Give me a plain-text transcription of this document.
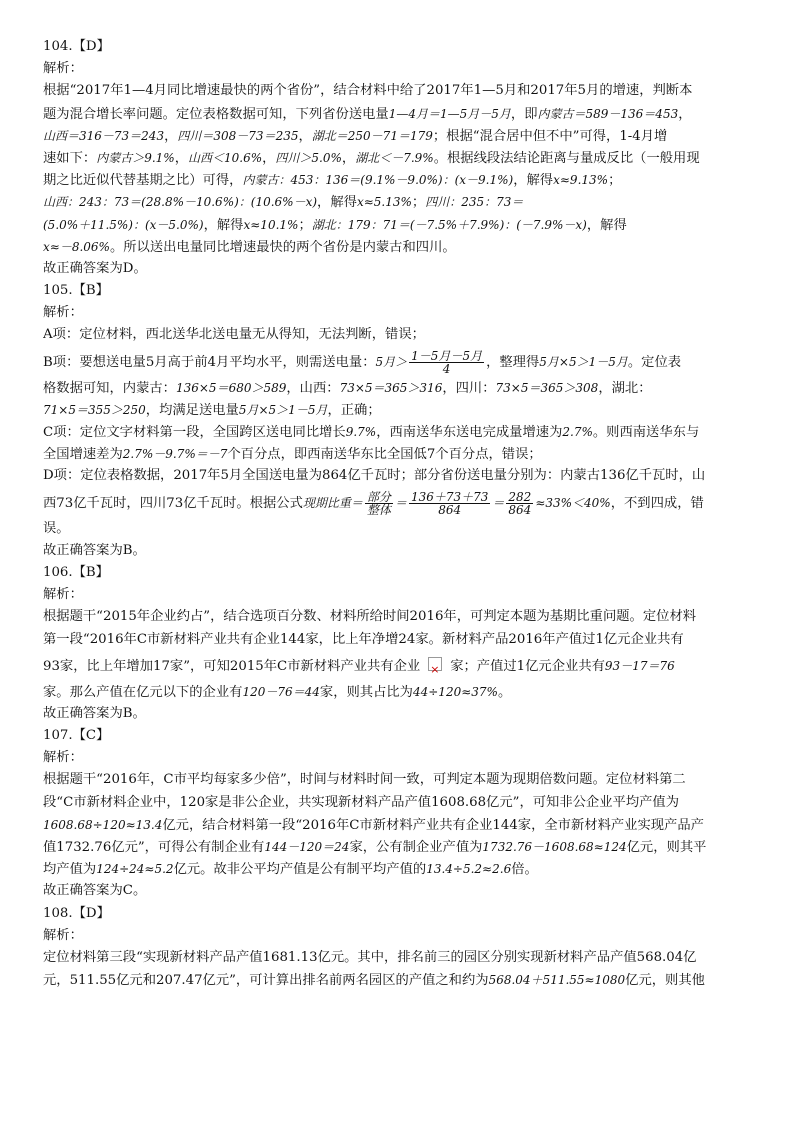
104.【D】
解析：
根据“2017年1—4月同比增速最快的两个省份”，结合材料中给了2017年1—5月和2017年5月的增速，判断本
题为混合增长率问题。定位表格数据可知，下列省份送电量1—4月＝1—5月－5月，即内蒙古＝589－136＝453，
山西＝316－73＝243，四川＝308－73＝235，湖北＝250－71＝179；根据“混合居中但不中”可得，1-4月增
速如下：内蒙古＞9.1%，山西＜10.6%，四川＞5.0%，湖北＜－7.9%。根据线段法结论距离与量成反比（一般用现
期之比近似代替基期之比）可得，内蒙古：453：136＝(9.1%－9.0%)：(x－9.1%)，解得x≈9.13%；
山西：243：73＝(28.8%－10.6%)：(10.6%－x)，解得x≈5.13%；四川：235：73＝
(5.0%＋11.5%)：(x－5.0%)，解得x≈10.1%；湖北：179：71＝(－7.5%＋7.9%)：(－7.9%－x)，解得
x≈－8.06%。所以送出电量同比增速最快的两个省份是内蒙古和四川。
故正确答案为D。
105.【B】
解析：
A项：定位材料，西北送华北送电量无从得知，无法判断，错误；
B项：要想送电量5月高于前4月平均水平，则需送电量：5月＞ $\frac{\text{1－5月－5月}}{4}$ ，整理得5月×5＞1－5月。定位表
格数据可知，内蒙古：136×5＝680＞589，山西：73×5＝365＞316，四川：73×5＝365＞308，湖北：
71×5＝355＞250，均满足送电量5月×5＞1－5月，正确；
C项：定位文字材料第一段，全国跨区送电同比增长9.7%，西南送华东送电完成量增速为2.7%。则西南送华东与
全国增速差为2.7%－9.7%＝－7个百分点，即西南送华东比全国低7个百分点，错误；
D项：定位表格数据，2017年5月全国送电量为864亿千瓦时；部分省份送电量分别为：内蒙古136亿千瓦时，山
西73亿千瓦时，四川73亿千瓦时。根据公式现期比重＝ $\frac{\text{部分}}{\text{整体}} = \frac{136+73+73}{864} = \frac{282}{864} \approx 33\%<40\%$，不到四成，错
误。
故正确答案为B。
106.【B】
解析：
根据题干“2015年企业约占”，结合选项百分数、材料所给时间2016年，可判定本题为基期比重问题。定位材料
第一段“2016年C市新材料产业共有企业144家，比上年净增24家。新材料产品2016年产值过1亿元企业共有
93家，比上年增加17家”，可知2015年C市新材料产业共有企业× 家；产值过1亿元企业共有93－17＝76
家。那么产值在亿元以下的企业有120－76＝44家，则其占比为44÷120≈37%。
故正确答案为B。
107.【C】
解析：
根据题干“2016年，C市平均每家多少倍”，时间与材料时间一致，可判定本题为现期倍数问题。定位材料第二
段“C市新材料企业中，120家是非公企业，共实现新材料产品产值1608.68亿元”，可知非公企业平均产值为
1608.68÷120≈13.4亿元，结合材料第一段“2016年C市新材料产业共有企业144家，全市新材料产业实现产品产
值1732.76亿元”，可得公有制企业有144－120＝24家，公有制企业产值为1732.76－1608.68≈124亿元，则其平
均产值为124÷24≈5.2亿元。故非公平均产值是公有制平均产值的13.4÷5.2≈2.6倍。
故正确答案为C。
108.【D】
解析：
定位材料第三段“实现新材料产品产值1681.13亿元。其中，排名前三的园区分别实现新材料产品产值568.04亿
元，511.55亿元和207.47亿元”，可计算出排名前两名园区的产值之和约为568.04＋511.55≈1080亿元，则其他
